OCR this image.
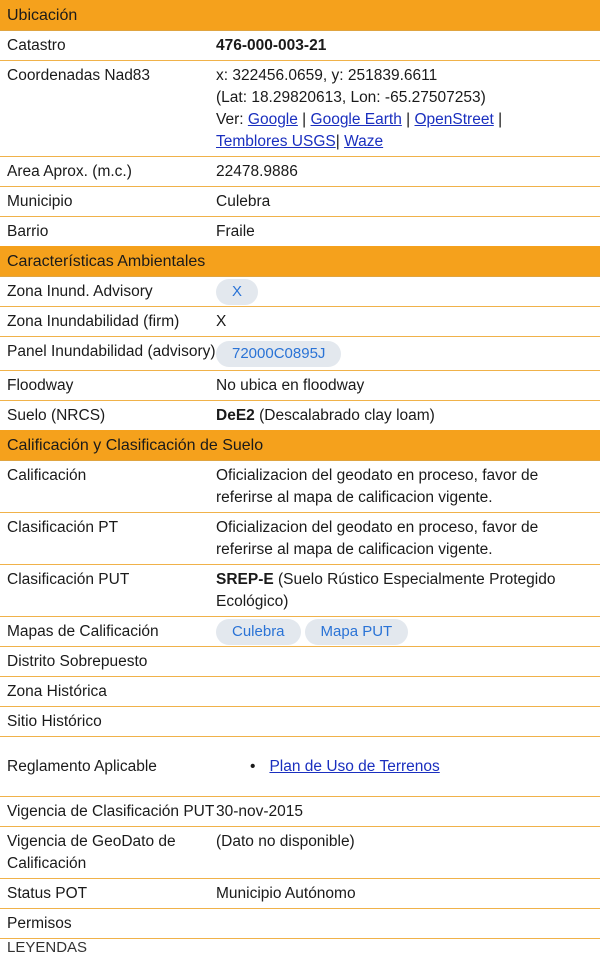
Ubicación
Catastro	476-000-003-21
Coordenadas Nad83	x: 322456.0659, y: 251839.6611
(Lat: 18.29820613, Lon: -65.27507253)
Ver: Google | Google Earth | OpenStreet |
Temblores USGS| Waze
Area Aprox. (m.c.)	22478.9886
Municipio	Culebra
Barrio	Fraile
Características Ambientales
Zona Inund. Advisory	X
Zona Inundabilidad (firm)	X
Panel Inundabilidad (advisory)	72000C0895J
Floodway	No ubica en floodway
Suelo (NRCS)	DeE2 (Descalabrado clay loam)
Calificación y Clasificación de Suelo
Calificación	Oficializacion del geodato en proceso, favor de referirse al mapa de calificacion vigente.
Clasificación PT	Oficializacion del geodato en proceso, favor de referirse al mapa de calificacion vigente.
Clasificación PUT	SREP-E (Suelo Rústico Especialmente Protegido Ecológico)
Mapas de Calificación	Culebra Mapa PUT
Distrito Sobrepuesto
Zona Histórica
Sitio Histórico
Reglamento Aplicable
•	Plan de Uso de Terrenos
Vigencia de Clasificación PUT 30-nov-2015
Vigencia de GeoDato de Calificación
(Dato no disponible)
Status POT	Municipio Autónomo
Permisos
LEYENDAS
